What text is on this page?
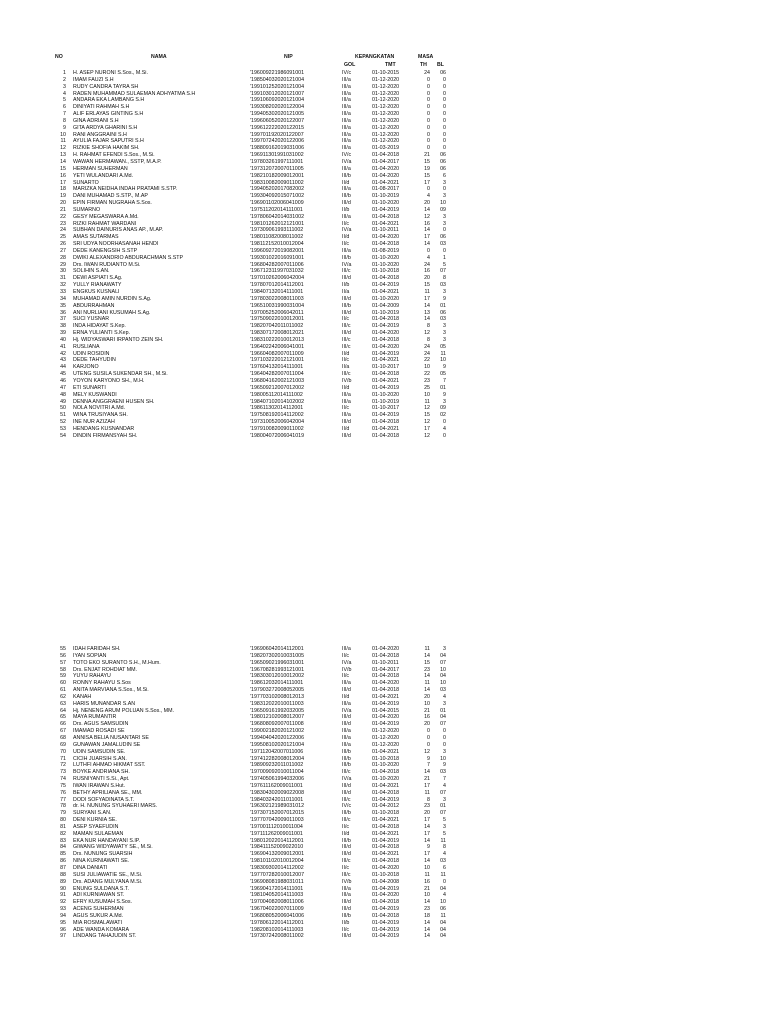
NO	NAMA	NIP	KEPANGKATAN	MASA
GOL	TMT	TH BL
1 H. ASEP NURONI S.Sos., M.Si.	'196009221986091001	IV/c	01-10-2015	24	06
2 IMAM FAUZI S.H	'198504032020121004	III/a	01-12-2020	0	0
3 RUDY CANDRA TAYRA SH	'199101252020121004	III/a	01-12-2020	0	0
4 RADEN MUHAMMAD SULAEMAN ADHYATMA S.H	'199103012020121007	III/a	01-12-2020	0	0
5 ANDARA EKA LAMBANG S.H	'199106092020121004	III/a	01-12-2020	0	0
6 DINIYATI RAHMAH S.H	'199308202020122004	III/a	01-12-2020	0	0
7 ALIF ERLAYAS GINTING S.H	'199405302020121005	III/a	01-12-2020	0	0
8 GINA ADRIANI S.H	'199606052020122007	III/a	01-12-2020	0	0
9 GITA ARDYA GHARINI S.H	'199612222020122015	III/a	01-12-2020	0	0
10 RANI ANGGRAINI S.H	'199701192020122007	III/a	01-12-2020	0	0
11 AYULIA FAJAR SAPUTRI S.H	'199707242020122006	III/a	01-12-2020	0	0
12 RIZKIE SHOFIA HAKIM SH.	'198809162019031006	III/a	01-03-2019	0	0
13 H. RAHMAT EFENDI S.Sos., M.Si.	'196911301991031002	IV/c	01-04-2018	21	06
14 WAWAN HERMAWAN., SSTP, M.A.P.	'197803261997111001	IV/a	01-04-2017	15	06
15 HERMAN SUHERMAN	'197312072007011005	III/a	01-04-2020	19	06
16 YETI WULANDARI A.Md.	'198210182009012001	III/b	01-04-2020	15	6
17 SUNARTO	'198310082009011002	II/d	01-04-2021	17	3
18 MARIZKA NEIDHA INDAH PRATAMI S.STP.	'199405202017082002	III/a	01-08-2017	0	0
19 DANI MUHAMAD S.STP., M.AP	'199304092015071002	III/b	01-10-2019	4	3
20 EPIN FIRMAN NUGRAHA S.Sos.	'196901102006041009	III/d	01-10-2020	20	10
21 SUMARNO	'197511202014111001	II/b	01-04-2019	14	09
22 GESY MEGASWARA A.Md.	'197806042014031002	III/a	01-04-2018	12	3
23 RIZKI RAHMAT WARDANI	'198101262012121001	II/c	01-04-2021	16	3
24 SUBHAN DAINURIS ANAS AP., M.AP.	'197309061993111002	IV/a	01-10-2011	14	0
25 AMAS SUTARMAS	'198011082008011002	II/d	01-04-2020	17	06
26 SRI UDYA NOORHASANAH HENDI	'198112152010012004	II/c	01-04-2018	14	03
27 DEDE KANENGSIH S.STP	'199609272019082001	III/a	01-08-2019	0	0
28 DWIKI ALEXANDRIO ABDURACHMAN S.STP	'199301022016091001	III/b	01-10-2020	4	1
29 Drs. IWAN RUDIANTO M.Si.	'196804282007011006	IV/a	01-10-2020	24	5
30 SOLIHIN S.AN.	'196712311997031032	III/c	01-10-2018	16	07
31 DEWI ASPIATI S.Ag.	'197010262006042004	III/d	01-04-2018	20	8
32 YULLY RIANAWATY	'197807012014112001	II/b	01-04-2019	15	03
33 ENGKUS KUSNALI	'198407132014111001	II/a	01-04-2021	11	3
34 MUHAMAD AMIN NURDIN S.Ag.	'197803022008011003	III/d	01-10-2020	17	9
35 ABDURRAHMAN	'196510031990031004	III/b	01-04-2009	14	01
36 ANI NURLIANI KUSUMAH S.Ag.	'197005252006042011	III/d	01-10-2019	13	06
37 SUCI YUSNAR	'197509022010012001	II/c	01-04-2018	14	03
38 INDA HIDAYAT S.Kep.	'198207042011011002	III/c	01-04-2019	8	3
39 ERNA YULIANTI S.Kep.	'198307172008012021	III/d	01-04-2020	12	3
40 Hj. WIDYASWARI IRPANTO ZEIN SH.	'198310222010012013	III/c	01-04-2018	8	3
41 RUSLIANA	'196402242006041001	III/c	01-04-2020	24	05
42 UDIN ROSIDIN	'196604082007011009	II/d	01-04-2019	24	11
43 DEDE TAHYUDIN	'197103222012121001	II/c	01-04-2021	22	10
44 KARJONO	'197604132014111001	II/a	01-10-2017	10	9
45 UTENG SUSILA SUKENDAR SH., M.Si.	'196404282007011004	III/c	01-04-2018	22	05
46 YOYON KARYONO SH., M.H.	'196804162002121003	IV/b	01-04-2021	23	7
47 ETI SUNARTI	'196509212007012002	II/d	01-04-2019	25	01
48 MELY KUSWANDI	'198005112014111002	III/a	01-10-2020	10	9
49 DENNA ANGGRAENI HUSEN SH.	'198407102014102002	III/a	01-10-2019	11	3
50 NOLA NOVITRI A.Md.	'198611302014112001	II/c	01-10-2017	12	09
51 WINA TRUSIYANA SH.	'197508192014112002	III/a	01-04-2019	15	02
52 INE NUR AZIZAH	'197310052006042004	III/d	01-04-2018	12	0
53 HENDANG KUSNANDAR	'197910082009011002	II/d	01-04-2021	17	4
54 DINDIN FIRMANSYAH SH.	'198004072006041019	III/d	01-04-2018	12	0
55 IDAH FARIDAH SH.	'196906042014112001	III/a	01-04-2020	11	3
56 IYAN SOPIAN	'198207302010031005	II/c	01-04-2018	14	04
57 TOTO EKO SURANTO S.H., M.Hum.	'196509021996031001	IV/a	01-10-2011	15	07
58 Drs. ENJAT ROHDIAT MM.	'196708281993121001	IV/b	01-04-2017	23	10
59 YUYU RAHAYU	'198303012010012002	II/c	01-04-2018	14	04
60 RONNY RAHAYU S.Sos	'198612032014111001	III/a	01-04-2020	11	10
61 ANITA MARVIANA S.Sos., M.Si.	'197903272008052005	III/d	01-04-2018	14	03
62 KANAH	'197703102008012013	II/d	01-04-2021	20	4
63 HARIS MUNANDAR S.AN	'198312022010011003	III/a	01-04-2019	10	3
64 Hj. NENENG ARUM POLUAN S.Sos., MM.	'196509161992032005	IV/a	01-04-2015	21	01
65 MAYA RUMANTIR	'198012102008012007	III/d	01-04-2020	16	04
66 Drs. AGUS SAMSUDIN	'196808092007011008	III/d	01-04-2019	20	07
67 IMAMAD ROSADI SE	'199002182020121002	III/a	01-12-2020	0	0
68 ANNISA BELIA NUSANTARI SE	'199404042020122006	III/a	01-12-2020	0	0
69 GUNAWAN JAMALUDIN SE	'199508102020121004	III/a	01-12-2020	0	0
70 UDIN SAMSUDIN SE.	'197112042007011006	III/b	01-04-2021	12	3
71 CICIH JUARSIH S.AN.	'197412282008012004	III/b	01-10-2018	9	10
72 LUTHFI AHMAD HIKMAT SST.	'198909232011011002	III/b	01-10-2020	7	9
73 BOYKE ANDRIANA SH.	'197009092010011004	III/c	01-04-2018	14	03
74 RUSNIYANTI S.Si., Apt.	'197405061994032006	IV/a	01-10-2020	21	7
75 IWAN IRAWAN S.Hut.	'197611162009011001	III/d	01-04-2021	17	4
76 BETHY APRILIANA SE., MM.	'198304302009022008	III/d	01-04-2018	11	07
77 DODI SOFYADINATA S.T.	'198403242011011001	III/c	01-04-2019	8	3
78 dr. H. NUNUNG SYUHAERI MARS.	'196302121989031012	IV/c	01-04-2012	23	01
79 SURYANI S.AN.	'197307152007012015	III/b	01-10-2018	20	07
80 DENI KURNIA SE.	'197707042009011003	III/c	01-04-2021	17	5
81 ASEP SYAEFUDIN	'197001112010011004	II/c	01-04-2018	14	3
82 MAMAN SULAEMAN	'197111262009011001	II/d	01-04-2021	17	5
83 EKA NUR HANDAYANI S.IP.	'198012022014112001	III/b	01-04-2019	14	11
84 GIWANG WIDYAWATY SE., M.Si.	'198411152009022010	III/d	01-04-2018	9	8
85 Drs. NUNUNG SUARSIH	'196904132009012001	III/d	01-04-2021	17	4
86 NINA KURNIAWATI SE.	'198101102010012004	III/c	01-04-2018	14	03
87 DINA DANIATI	'198309302014112002	II/c	01-04-2020	10	6
88 SUSI JULIAWATIE SE., M.Si.	'197707282010012007	III/c	01-10-2018	11	11
89 Drs. ADANG MULYANA M.Si.	'196908081988031011	IV/b	01-04-2008	16	0
90 ENUNG SULDANA S.T.	'196904172014111001	III/a	01-04-2019	21	04
91 ADI KURNIAWAN ST.	'198104052014111003	III/a	01-04-2020	10	4
92 EFRY KUSUMAH S.Sos.	'197004082008011006	III/d	01-04-2018	14	10
93 ACENG SUHERMAN	'196704022007011009	III/d	01-04-2019	23	06
94 AGUS SUKUR A.Md.	'196808052006041006	III/b	01-04-2018	18	11
95 MIA ROSMALAWATI	'197806122014112001	II/b	01-04-2019	14	04
96 ADE WANDA KOMARA	'198208102014111003	II/c	01-04-2019	14	04
97 LINDANG TAHAJUDIN ST.	'197307242008011002	III/d	01-04-2019	14	04
